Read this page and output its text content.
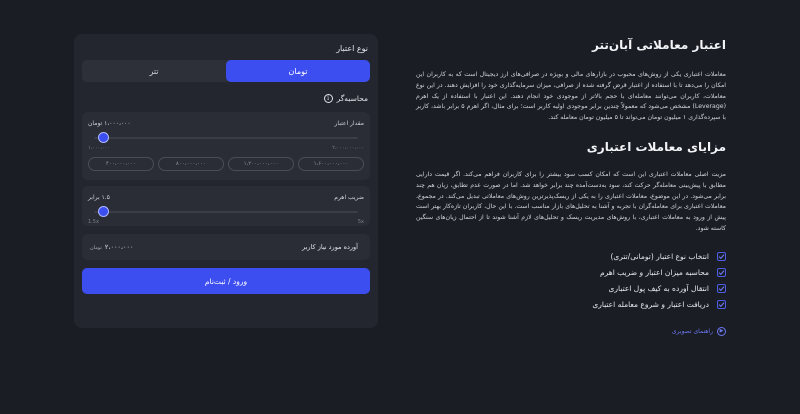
نوع اعتبار
تومان
تتر
محاسبه‌گر
i
مقدار اعتبار
۱،۰۰۰،۰۰۰ تومان
۱،۰۰۰،۰۰۰	۲،۰۰۰،۰۰۰،۰۰۰
۴۰۰،۰۰۰،۰۰۰	۸۰۰،۰۰۰،۰۰۰	۱،۲۰۰،۰۰۰،۰۰۰	۱،۶۰۰،۰۰۰،۰۰۰
ضریب اهرم
۱.۵ برابر
1.5x	5x
آورده مورد نیاز کاربر
۲،۰۰۰،۰۰۰
تومان
ورود / ثبت‌نام
اعتبار معاملاتی آبان‌تتر

معاملات اعتباری یکی از روش‌های محبوب در بازارهای مالی و بویژه در صرافی‌های ارز دیجیتال است که به کاربران این امکان را می‌دهد تا با استفاده از اعتبار قرض گرفته شده از صرافی، میزان سرمایه‌گذاری خود را افزایش دهند. در این نوع معاملات، کاربران می‌توانند معامله‌ای با حجم بالاتر از موجودی خود انجام دهند. این اعتبار با استفاده از یک اهرم (Leverage) مشخص می‌شود که معمولاً چندین برابر موجودی اولیه کاربر است؛ برای مثال، اگر اهرم ۵ برابر باشد، کاربر با سپرده‌گذاری ۱ میلیون تومان می‌تواند تا ۵ میلیون تومان معامله کند.

مزایای معاملات اعتباری

مزیت اصلی معاملات اعتباری این است که امکان کسب سود بیشتر را برای کاربران فراهم می‌کند. اگر قیمت دارایی مطابق با پیش‌بینی معامله‌گر حرکت کند، سود به‌دست‌آمده چند برابر خواهد شد. اما در صورت عدم تطابق، زیان هم چند برابر می‌شود. در این موضوع، معاملات اعتباری را به یکی از ریسک‌پذیرترین روش‌های معاملاتی تبدیل می‌کند. در مجموع، معاملات اعتباری برای معامله‌گران با تجربه و آشنا به تحلیل‌های بازار مناسب است. با این حال، کاربران تازه‌کار بهتر است پیش از ورود به معاملات اعتباری، با روش‌های مدیریت ریسک و تحلیل‌های لازم آشنا شوند تا از احتمال زیان‌های سنگین کاسته شود.

انتخاب نوع اعتبار (تومانی/تتری)
محاسبه میزان اعتبار و ضریب اهرم
انتقال آورده به کیف پول اعتباری
دریافت اعتبار و شروع معامله اعتباری
▶
راهنمای تصویری
